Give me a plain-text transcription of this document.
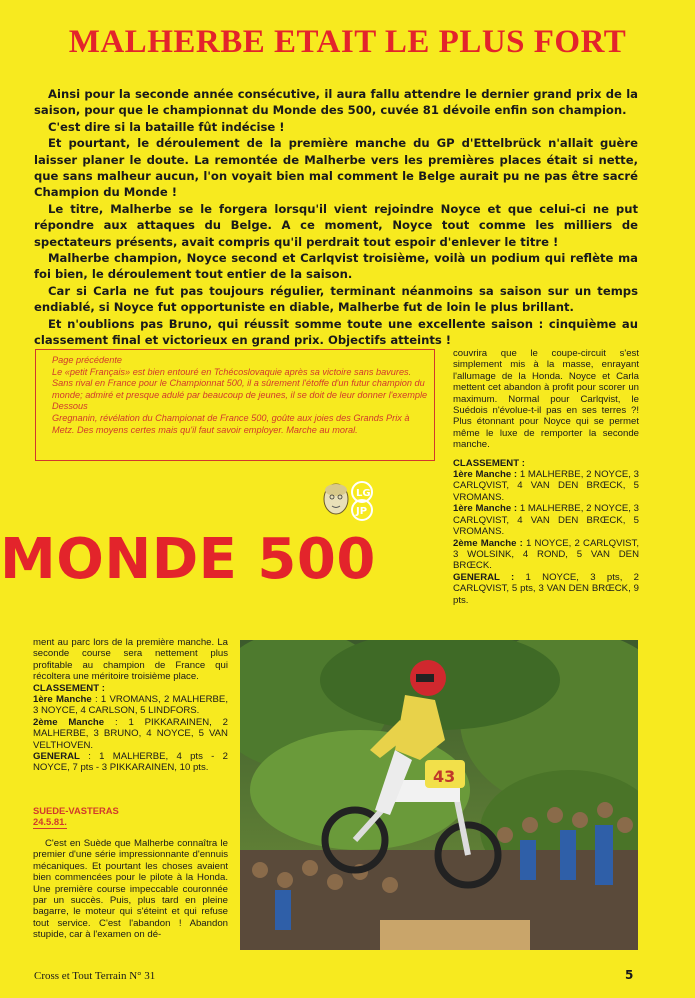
MALHERBE ETAIT LE PLUS FORT

Ainsi pour la seconde année consécutive, il aura fallu attendre le dernier grand prix de la saison, pour que le championnat du Monde des 500, cuvée 81 dévoile enfin son champion.

C'est dire si la bataille fût indécise !

Et pourtant, le déroulement de la première manche du GP d'Ettelbrück n'allait guère laisser planer le doute. La remontée de Malherbe vers les premières places était si nette, que sans malheur aucun, l'on voyait bien mal comment le Belge aurait pu ne pas être sacré Champion du Monde !

Le titre, Malherbe se le forgera lorsqu'il vient rejoindre Noyce et que celui-ci ne put répondre aux attaques du Belge. A ce moment, Noyce tout comme les milliers de spectateurs présents, avait compris qu'il perdrait tout espoir d'enlever le titre !

Malherbe champion, Noyce second et Carlqvist troisième, voilà un podium qui reflète ma foi bien, le déroulement tout entier de la saison.

Car si Carla ne fut pas toujours régulier, terminant néanmoins sa saison sur un temps endiablé, si Noyce fut opportuniste en diable, Malherbe fut de loin le plus brillant.

Et n'oublions pas Bruno, qui réussit somme toute une excellente saison : cinquième au classement final et victorieux en grand prix. Objectifs atteints !

Page précédente
Le «petit Français» est bien entouré en Tchécoslovaquie après sa victoire sans bavures. Sans rival en France pour le Championnat 500, il a sûrement l'étoffe d'un futur champion du monde; admiré et presque adulé par beaucoup de jeunes, il se doit de leur donner l'exemple
Dessous
Gregnanin, révélation du Championat de France 500, goûte aux joies des Grands Prix à Metz. Des moyens certes mais qu'il faut savoir employer. Marche au moral.

couvrira que le coupe-circuit s'est simplement mis à la masse, enrayant l'allumage de la Honda. Noyce et Carla mettent cet abandon à profit pour scorer un maximum. Normal pour Carlqvist, le Suédois n'évolue-t-il pas en ses terres ?! Plus étonnant pour Noyce qui se permet même le luxe de remporter la seconde manche.

CLASSEMENT :

1ère Manche : 1 MALHERBE, 2 NOYCE, 3 CARLQVIST, 4 VAN DEN BRŒCK, 5 VROMANS.

1ère Manche : 1 MALHERBE, 2 NOYCE, 3 CARLQVIST, 4 VAN DEN BRŒCK, 5 VROMANS.

2ème Manche : 1 NOYCE, 2 CARLQVIST, 3 WOLSINK, 4 ROND, 5 VAN DEN BRŒCK.

GENERAL : 1 NOYCE, 3 pts, 2 CARLQVIST, 5 pts, 3 VAN DEN BRŒCK, 9 pts.

LG
JP
MONDE 500

ment au parc lors de la première manche. La seconde course sera nettement plus profitable au champion de France qui récoltera une méritoire troisième place.

CLASSEMENT :

1ère Manche : 1 VROMANS, 2 MALHERBE, 3 NOYCE, 4 CARLSON, 5 LINDFORS.

2ème Manche : 1 PIKKARAINEN, 2 MALHERBE, 3 BRUNO, 4 NOYCE, 5 VAN VELTHOVEN.

GENERAL : 1 MALHERBE, 4 pts - 2 NOYCE, 7 pts - 3 PIKKARAINEN, 10 pts.

SUEDE-VASTERAS
24.5.81.

C'est en Suède que Malherbe connaîtra le premier d'une série impressionnante d'ennuis mécaniques. Et pourtant les choses avaient bien commencées pour le pilote à la Honda. Une première course impeccable couronnée par un succès. Puis, plus tard en pleine bagarre, le moteur qui s'éteint et qui refuse tout service. C'est l'abandon ! Abandon stupide, car à l'examen on dé-

43
Cross et Tout Terrain N° 31	5
